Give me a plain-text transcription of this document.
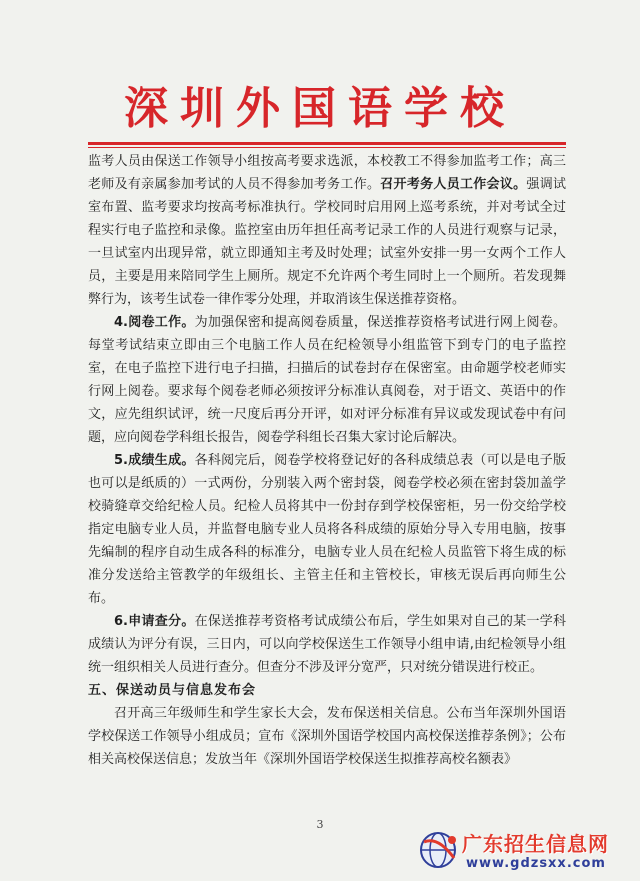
深圳外国语学校

监考人员由保送工作领导小组按高考要求选派，本校教工不得参加监考工作；高三老师及有亲属参加考试的人员不得参加考务工作。召开考务人员工作会议。强调试室布置、监考要求均按高考标准执行。学校同时启用网上巡考系统，并对考试全过程实行电子监控和录像。监控室由历年担任高考记录工作的人员进行观察与记录，一旦试室内出现异常，就立即通知主考及时处理；试室外安排一男一女两个工作人员，主要是用来陪同学生上厕所。规定不允许两个考生同时上一个厕所。若发现舞弊行为，该考生试卷一律作零分处理，并取消该生保送推荐资格。

4.阅卷工作。为加强保密和提高阅卷质量，保送推荐资格考试进行网上阅卷。每堂考试结束立即由三个电脑工作人员在纪检领导小组监管下到专门的电子监控室，在电子监控下进行电子扫描，扫描后的试卷封存在保密室。由命题学校老师实行网上阅卷。要求每个阅卷老师必须按评分标准认真阅卷，对于语文、英语中的作文，应先组织试评，统一尺度后再分开评，如对评分标准有异议或发现试卷中有问题，应向阅卷学科组长报告，阅卷学科组长召集大家讨论后解决。

5.成绩生成。各科阅完后，阅卷学校将登记好的各科成绩总表（可以是电子版也可以是纸质的）一式两份，分别装入两个密封袋，阅卷学校必须在密封袋加盖学校骑缝章交给纪检人员。纪检人员将其中一份封存到学校保密柜，另一份交给学校指定电脑专业人员，并监督电脑专业人员将各科成绩的原始分导入专用电脑，按事先编制的程序自动生成各科的标准分，电脑专业人员在纪检人员监管下将生成的标准分发送给主管教学的年级组长、主管主任和主管校长，审核无误后再向师生公布。

6.申请查分。在保送推荐考资格考试成绩公布后，学生如果对自己的某一学科成绩认为评分有误，三日内，可以向学校保送生工作领导小组申请,由纪检领导小组统一组织相关人员进行查分。但查分不涉及评分宽严，只对统分错误进行校正。

五、保送动员与信息发布会

召开高三年级师生和学生家长大会，发布保送相关信息。公布当年深圳外国语学校保送工作领导小组成员；宣布《深圳外国语学校国内高校保送推荐条例》；公布相关高校保送信息；发放当年《深圳外国语学校保送生拟推荐高校名额表》

3
广东招生信息网
www.gdzsxx.com
